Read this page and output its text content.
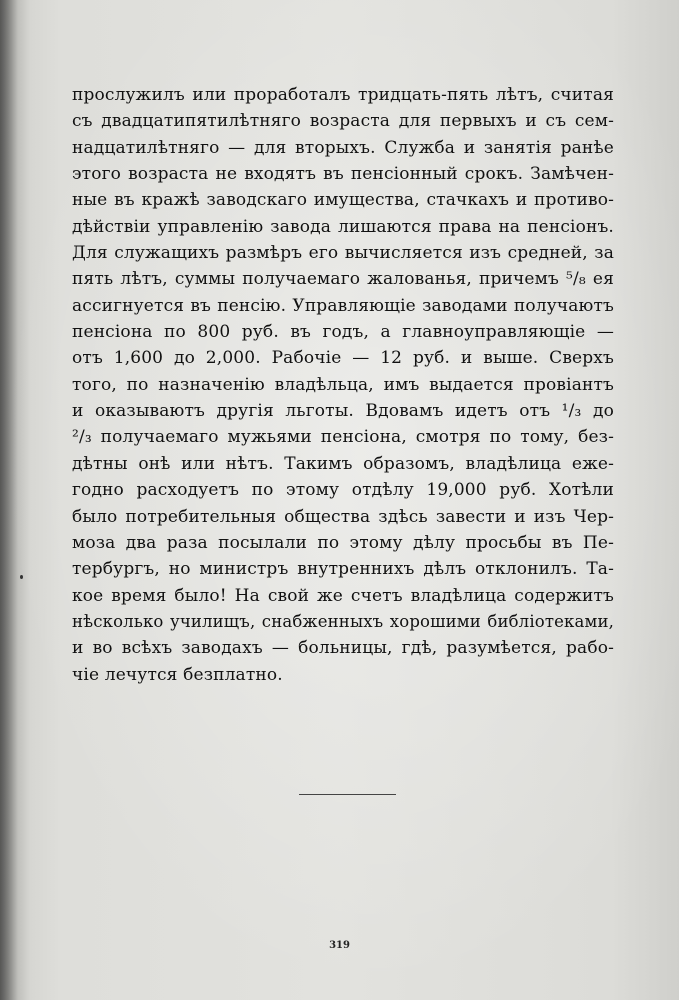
прослужилъ или проработалъ тридцать-пять лѣтъ, считая
съ двадцатипятилѣтняго возраста для первыхъ и съ сем-
надцатилѣтняго — для вторыхъ. Служба и занятія ранѣе
этого возраста не входятъ въ пенсіонный срокъ. Замѣчен-
ные въ кражѣ заводскаго имущества, стачкахъ и противо-
дѣйствіи управленію завода лишаются права на пенсіонъ.
Для служащихъ размѣръ его вычисляется изъ средней, за
пять лѣтъ, суммы получаемаго жалованья, причемъ ⁵/₈ ея
ассигнуется въ пенсію. Управляющіе заводами получаютъ
пенсіона по 800 руб. въ годъ, а главноуправляющіе —
отъ 1,600 до 2,000. Рабочіе — 12 руб. и выше. Сверхъ
того, по назначенію владѣльца, имъ выдается провіантъ
и оказываютъ другія льготы. Вдовамъ идетъ отъ ¹/₃ до
²/₃ получаемаго мужьями пенсіона, смотря по тому, без-
дѣтны онѣ или нѣтъ. Такимъ образомъ, владѣлица еже-
годно расходуетъ по этому отдѣлу 19,000 руб. Хотѣли
было потребительныя общества здѣсь завести и изъ Чер-
моза два раза посылали по этому дѣлу просьбы въ Пе-
тербургъ, но министръ внутреннихъ дѣлъ отклонилъ. Та-
кое время было! На свой же счетъ владѣлица содержитъ
нѣсколько училищъ, снабженныхъ хорошими библіотеками,
и во всѣхъ заводахъ — больницы, гдѣ, разумѣется, рабо-
чіе лечутся безплатно.
319
